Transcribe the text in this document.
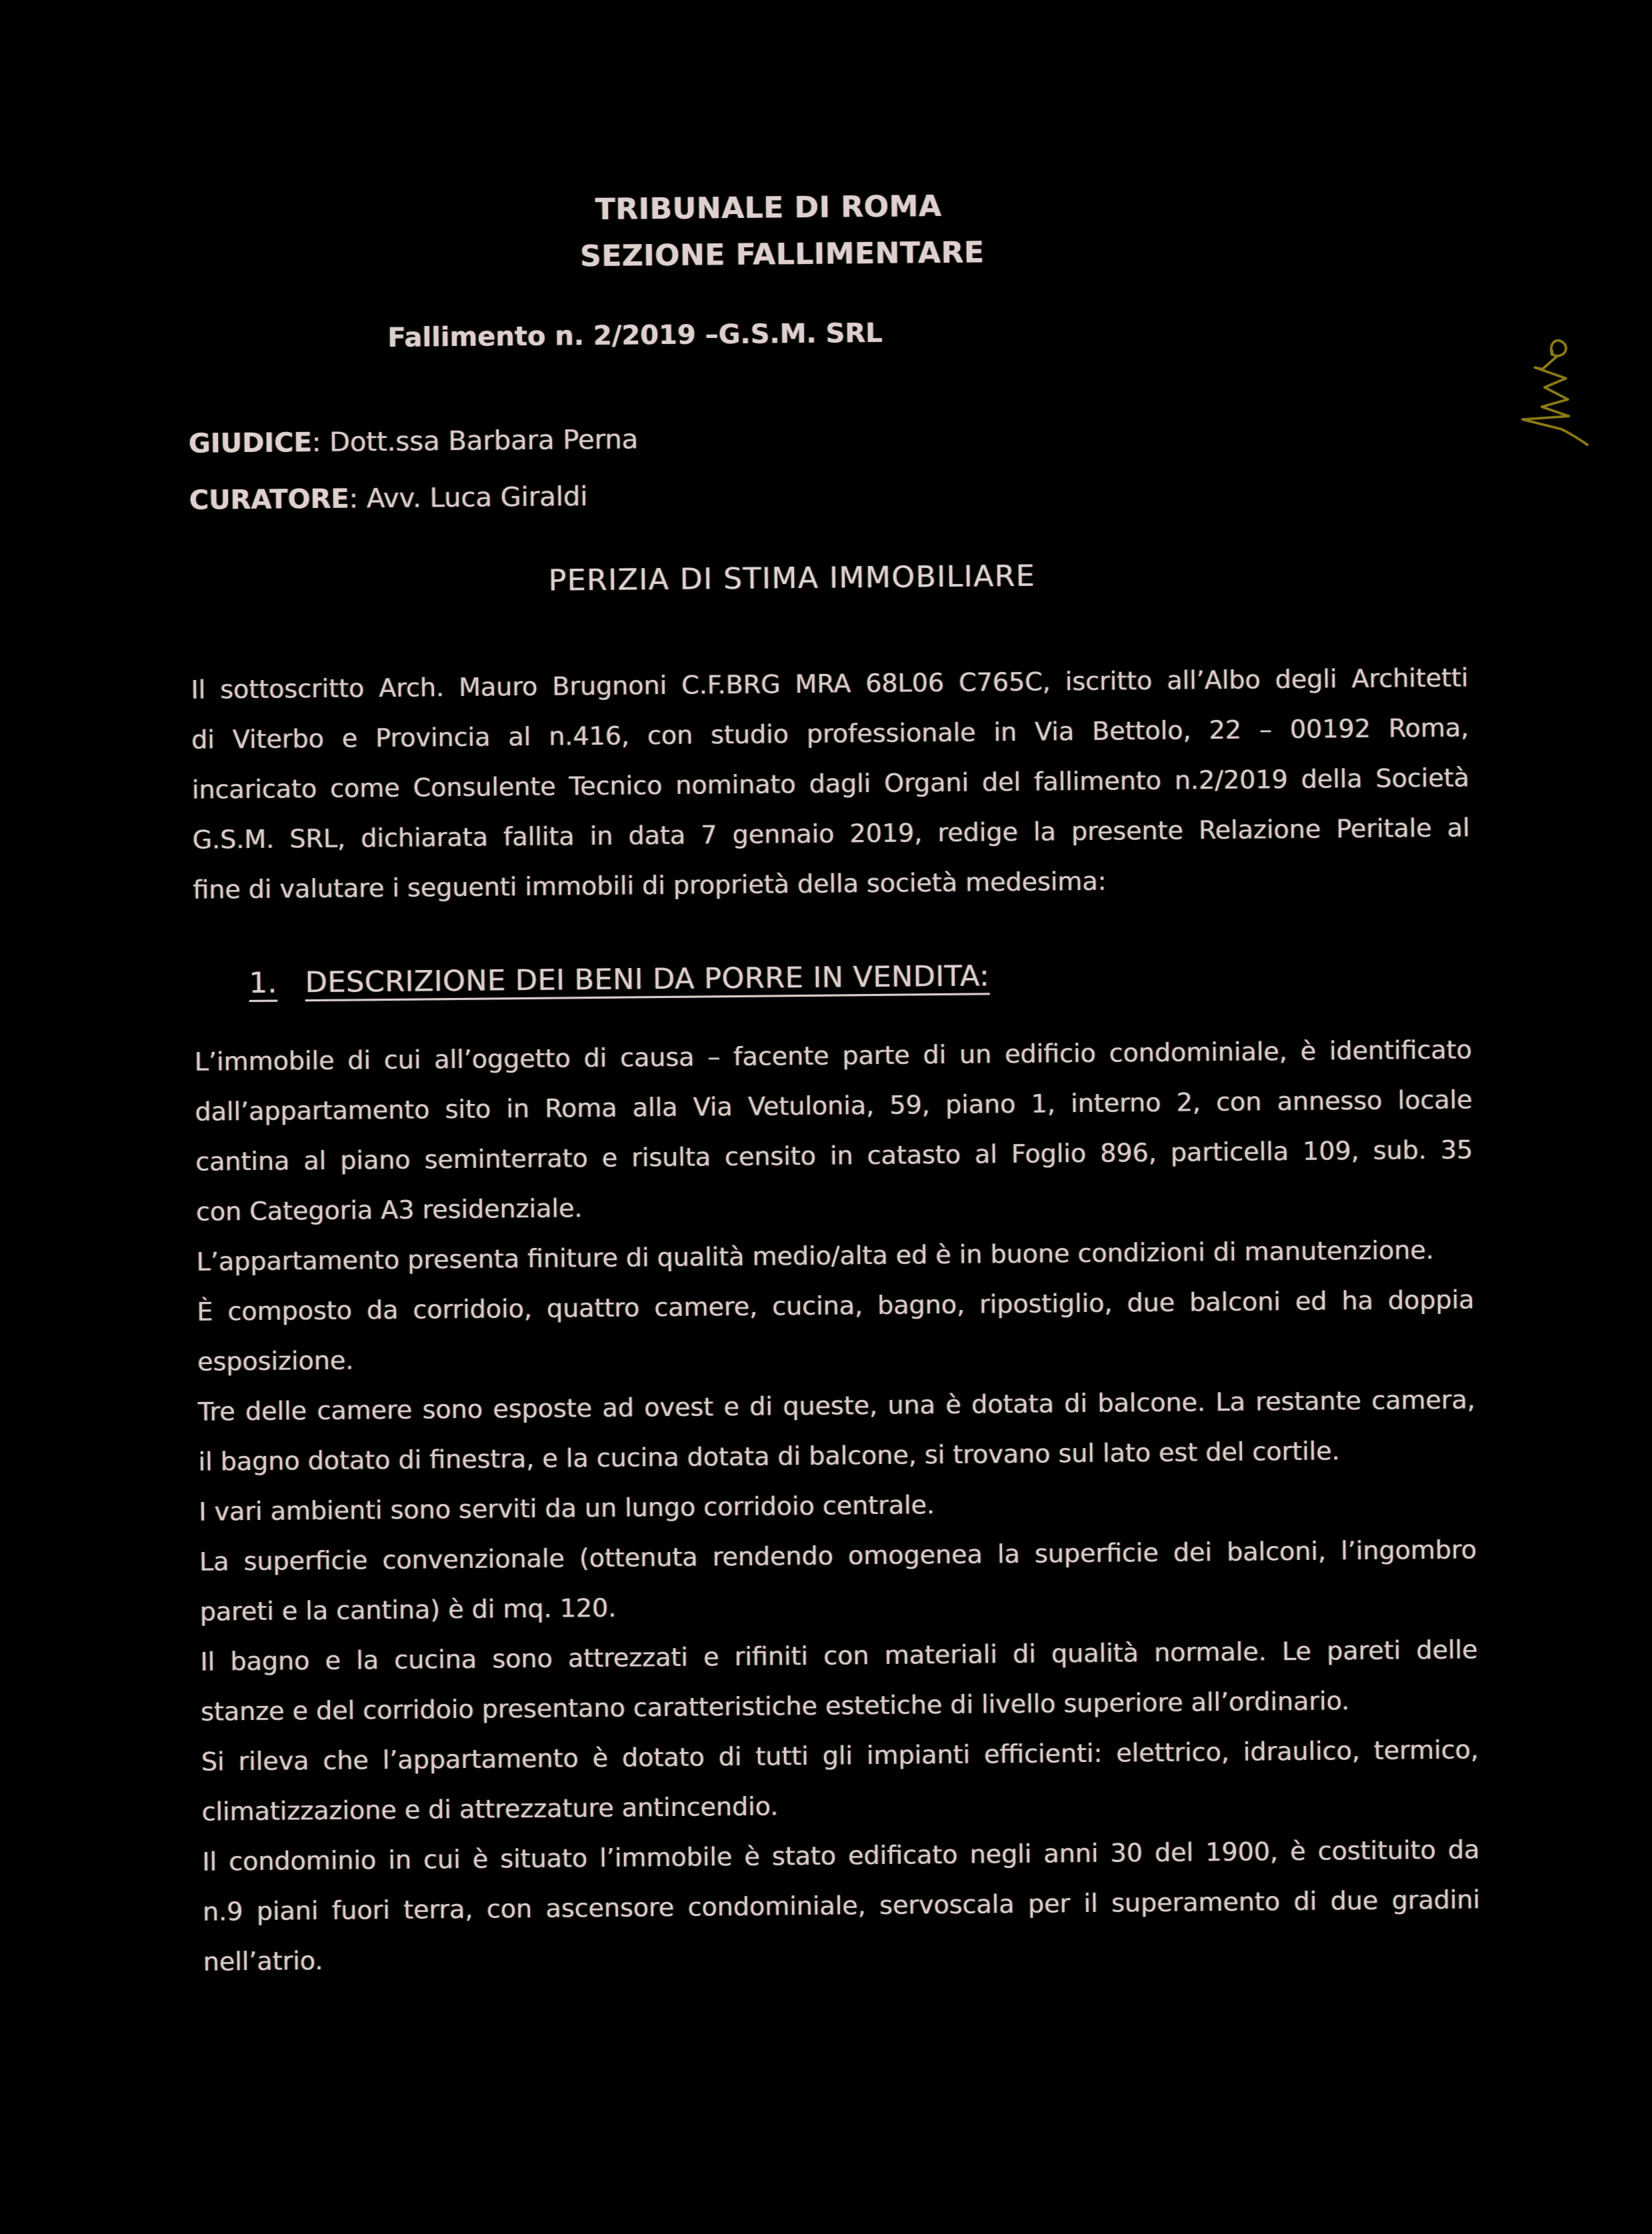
TRIBUNALE DI ROMA
SEZIONE FALLIMENTARE
Fallimento n. 2/2019 –G.S.M. SRL
GIUDICE: Dott.ssa Barbara Perna
CURATORE: Avv. Luca Giraldi
PERIZIA DI STIMA IMMOBILIARE
Il sottoscritto Arch. Mauro Brugnoni C.F.BRG MRA 68L06 C765C, iscritto all’Albo degli Architetti
di Viterbo e Provincia al n.416, con studio professionale in Via Bettolo, 22 – 00192 Roma,
incaricato come Consulente Tecnico nominato dagli Organi del fallimento n.2/2019 della Società
G.S.M. SRL, dichiarata fallita in data 7 gennaio 2019, redige la presente Relazione Peritale al
fine di valutare i seguenti immobili di proprietà della società medesima:
1. DESCRIZIONE DEI BENI DA PORRE IN VENDITA:
L’immobile di cui all’oggetto di causa – facente parte di un edificio condominiale, è identificato
dall’appartamento sito in Roma alla Via Vetulonia, 59, piano 1, interno 2, con annesso locale
cantina al piano seminterrato e risulta censito in catasto al Foglio 896, particella 109, sub. 35
con Categoria A3 residenziale.
L’appartamento presenta finiture di qualità medio/alta ed è in buone condizioni di manutenzione.
È composto da corridoio, quattro camere, cucina, bagno, ripostiglio, due balconi ed ha doppia
esposizione.
Tre delle camere sono esposte ad ovest e di queste, una è dotata di balcone. La restante camera,
il bagno dotato di finestra, e la cucina dotata di balcone, si trovano sul lato est del cortile.
I vari ambienti sono serviti da un lungo corridoio centrale.
La superficie convenzionale (ottenuta rendendo omogenea la superficie dei balconi, l’ingombro
pareti e la cantina) è di mq. 120.
Il bagno e la cucina sono attrezzati e rifiniti con materiali di qualità normale. Le pareti delle
stanze e del corridoio presentano caratteristiche estetiche di livello superiore all’ordinario.
Si rileva che l’appartamento è dotato di tutti gli impianti efficienti: elettrico, idraulico, termico,
climatizzazione e di attrezzature antincendio.
Il condominio in cui è situato l’immobile è stato edificato negli anni 30 del 1900, è costituito da
n.9 piani fuori terra, con ascensore condominiale, servoscala per il superamento di due gradini
nell’atrio.
